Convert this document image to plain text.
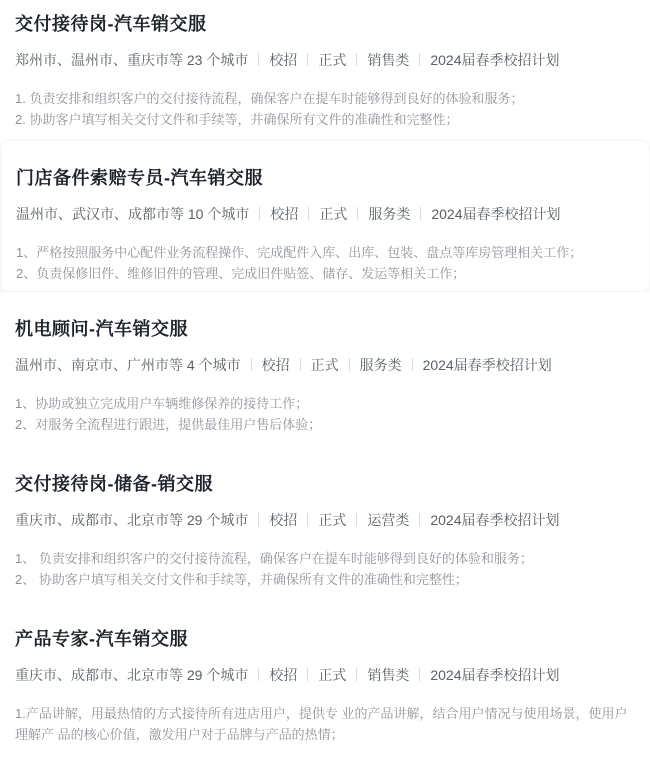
交付接待岗-汽车销交服
郑州市、温州市、重庆市等 23 个城市 校招 正式 销售类 2024届春季校招计划

1. 负责安排和组织客户的交付接待流程，确保客户在提车时能够得到良好的体验和服务；

2. 协助客户填写相关交付文件和手续等，并确保所有文件的准确性和完整性；

门店备件索赔专员-汽车销交服
温州市、武汉市、成都市等 10 个城市 校招 正式 服务类 2024届春季校招计划

1、严格按照服务中心配件业务流程操作、完成配件入库、出库、包装、盘点等库房管理相关工作；

2、负责保修旧件、维修旧件的管理、完成旧件贴签、储存、发运等相关工作；

机电顾问-汽车销交服
温州市、南京市、广州市等 4 个城市 校招 正式 服务类 2024届春季校招计划

1、协助或独立完成用户车辆维修保养的接待工作；

2、对服务全流程进行跟进，提供最佳用户售后体验；

交付接待岗-储备-销交服
重庆市、成都市、北京市等 29 个城市 校招 正式 运营类 2024届春季校招计划

1、 负责安排和组织客户的交付接待流程，确保客户在提车时能够得到良好的体验和服务；

2、 协助客户填写相关交付文件和手续等，并确保所有文件的准确性和完整性；

产品专家-汽车销交服
重庆市、成都市、北京市等 29 个城市 校招 正式 销售类 2024届春季校招计划

1.产品讲解，用最热情的方式接待所有进店用户，提供专 业的产品讲解，结合用户情况与使用场景，使用户理解产 品的核心价值，激发用户对于品牌与产品的热情；
